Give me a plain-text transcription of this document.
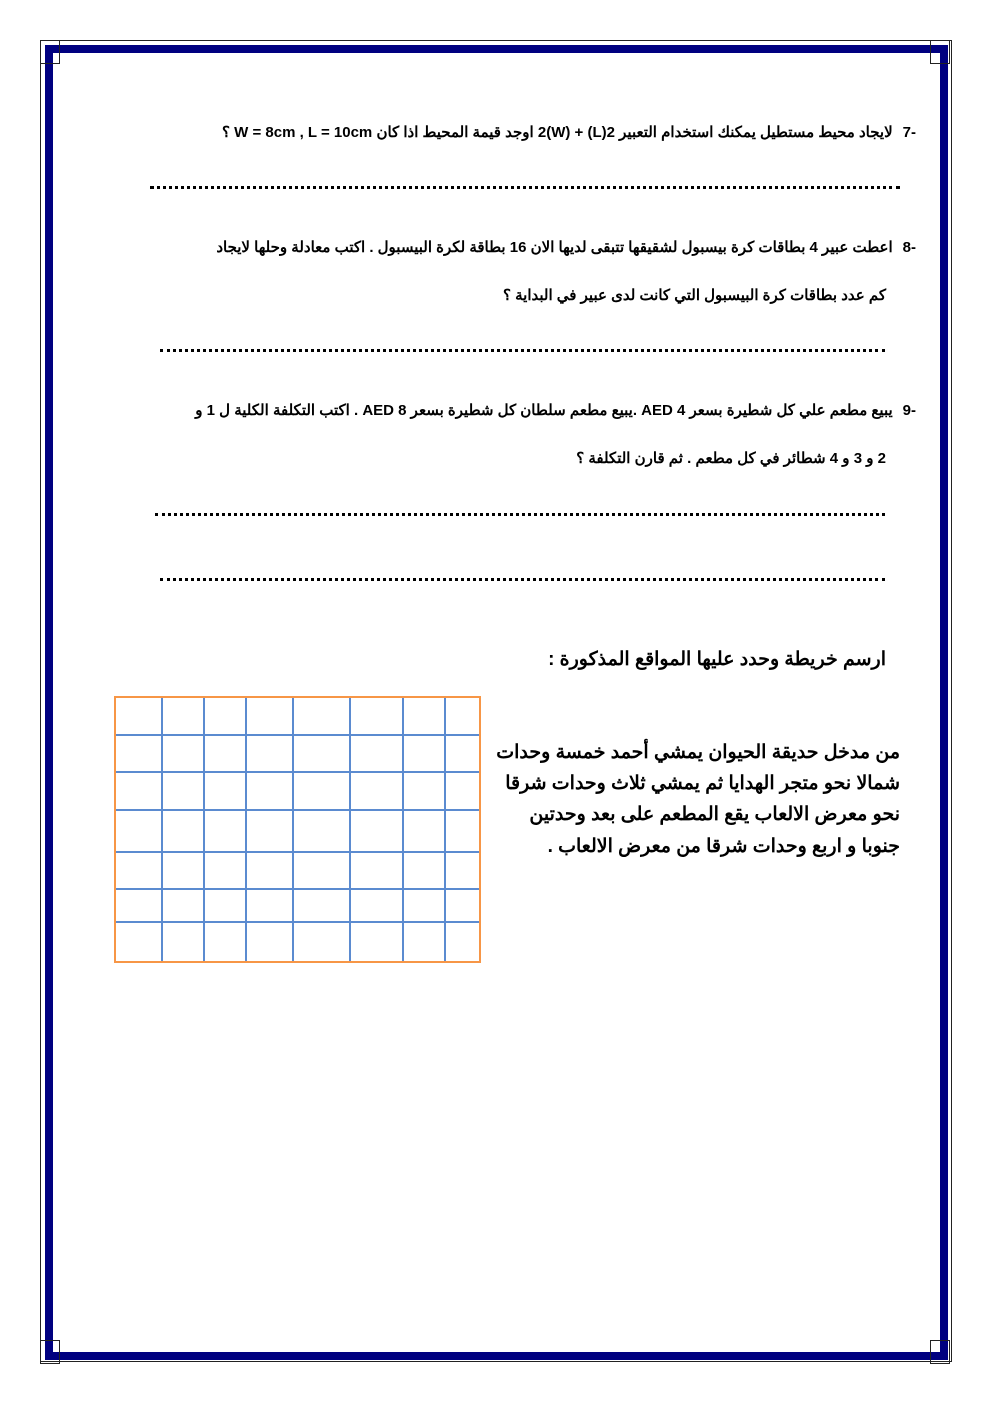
-7لايجاد محيط مستطيل يمكنك استخدام التعبير 2(L) + 2(W) اوجد قيمة المحيط اذا كان W = 8cm , L = 10cm ؟
-8اعطت عبير 4 بطاقات كرة بيسبول لشقيقها تتبقى لديها الان 16 بطاقة لكرة البيسبول . اكتب معادلة وحلها لايجاد
كم عدد بطاقات كرة البيسبول التي كانت لدى عبير في البداية ؟
-9يبيع مطعم علي كل شطيرة بسعر AED 4 .يبيع مطعم سلطان كل شطيرة بسعر AED 8 . اكتب التكلفة الكلية ل 1 و
2 و 3 و 4 شطائر في كل مطعم . ثم قارن التكلفة ؟
ارسم خريطة وحدد عليها المواقع المذكورة :
من مدخل حديقة الحيوان يمشي أحمد خمسة وحدات
شمالا نحو متجر الهدايا ثم يمشي ثلاث وحدات شرقا
نحو معرض الالعاب يقع المطعم على بعد وحدتين
جنوبا و اربع وحدات شرقا من معرض الالعاب .
